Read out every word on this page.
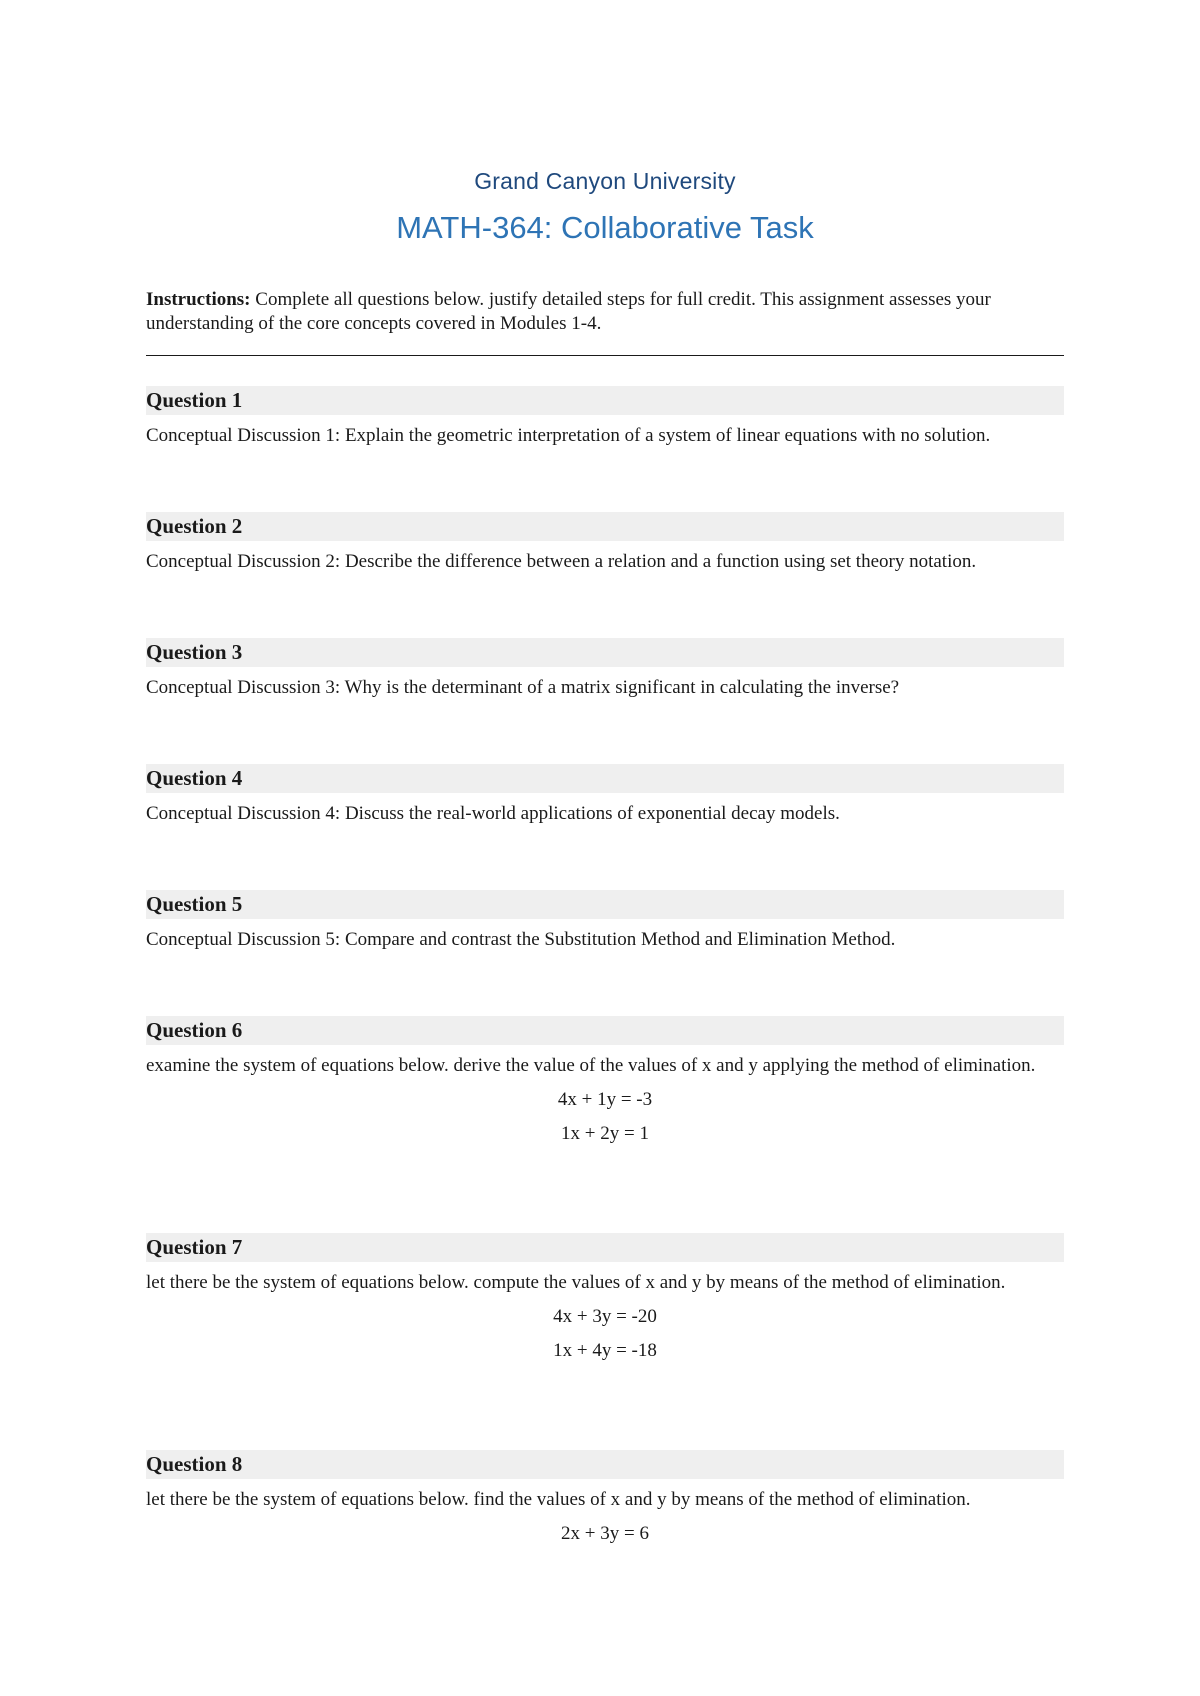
Grand Canyon University
MATH-364: Collaborative Task
Instructions: Complete all questions below. justify detailed steps for full credit. This assignment assesses your understanding of the core concepts covered in Modules 1-4.
Question 1
Conceptual Discussion 1: Explain the geometric interpretation of a system of linear equations with no solution.
Question 2
Conceptual Discussion 2: Describe the difference between a relation and a function using set theory notation.
Question 3
Conceptual Discussion 3: Why is the determinant of a matrix significant in calculating the inverse?
Question 4
Conceptual Discussion 4: Discuss the real-world applications of exponential decay models.
Question 5
Conceptual Discussion 5: Compare and contrast the Substitution Method and Elimination Method.
Question 6
examine the system of equations below. derive the value of the values of x and y applying the method of elimination.
4x + 1y = -3
1x + 2y = 1
Question 7
let there be the system of equations below. compute the values of x and y by means of the method of elimination.
4x + 3y = -20
1x + 4y = -18
Question 8
let there be the system of equations below. find the values of x and y by means of the method of elimination.
2x + 3y = 6
